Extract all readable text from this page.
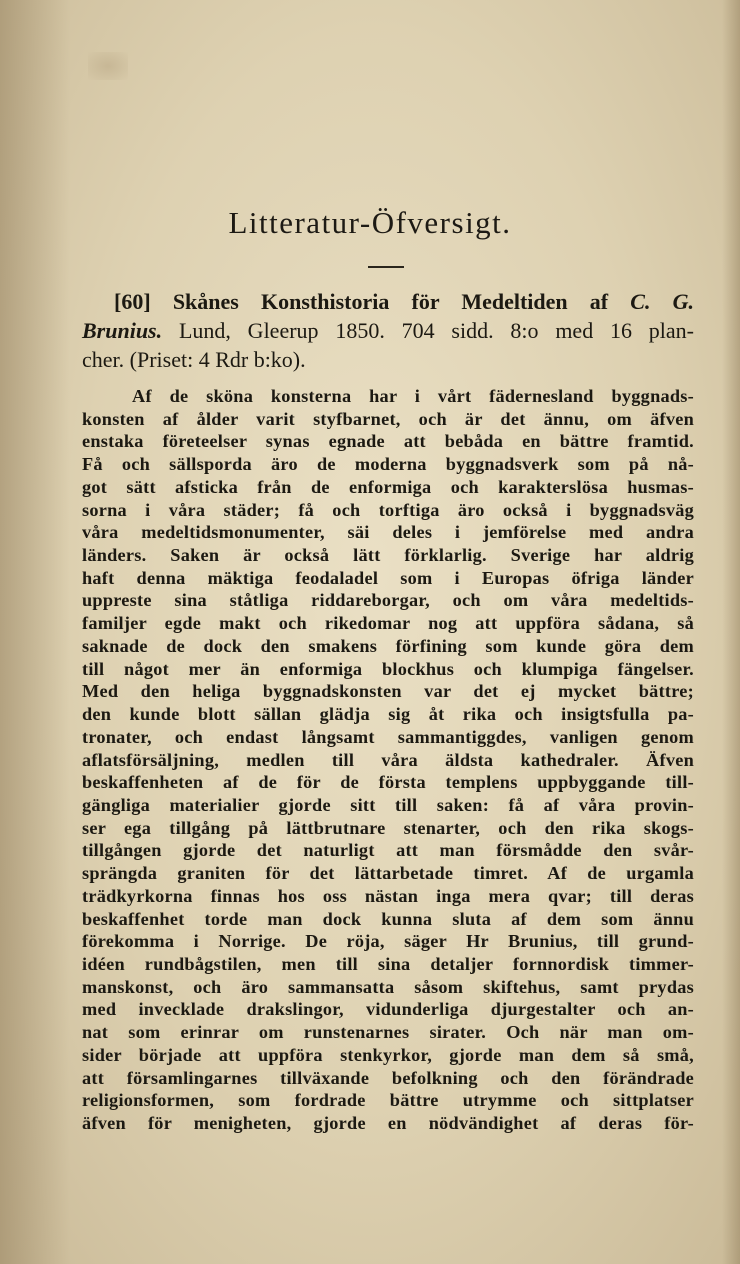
Litteratur-Öfversigt.
[60] Skånes Konsthistoria för Medeltiden af C. G.
Brunius. Lund, Gleerup 1850. 704 sidd. 8:o med 16 plan-
cher. (Priset: 4 Rdr b:ko).
Af de sköna konsterna har i vårt fädernesland byggnads-
konsten af ålder varit styfbarnet, och är det ännu, om äfven
enstaka företeelser synas egnade att bebåda en bättre framtid.
Få och sällsporda äro de moderna byggnadsverk som på nå-
got sätt afsticka från de enformiga och karakterslösa husmas-
sorna i våra städer; få och torftiga äro också i byggnadsväg
våra medeltidsmonumenter, säi deles i jemförelse med andra
länders. Saken är också lätt förklarlig. Sverige har aldrig
haft denna mäktiga feodaladel som i Europas öfriga länder
uppreste sina ståtliga riddareborgar, och om våra medeltids-
familjer egde makt och rikedomar nog att uppföra sådana, så
saknade de dock den smakens förfining som kunde göra dem
till något mer än enformiga blockhus och klumpiga fängelser.
Med den heliga byggnadskonsten var det ej mycket bättre;
den kunde blott sällan glädja sig åt rika och insigtsfulla pa-
tronater, och endast långsamt sammantiggdes, vanligen genom
aflatsförsäljning, medlen till våra äldsta kathedraler. Äfven
beskaffenheten af de för de första templens uppbyggande till-
gängliga materialier gjorde sitt till saken: få af våra provin-
ser ega tillgång på lättbrutnare stenarter, och den rika skogs-
tillgången gjorde det naturligt att man försmådde den svår-
sprängda graniten för det lättarbetade timret. Af de urgamla
trädkyrkorna finnas hos oss nästan inga mera qvar; till deras
beskaffenhet torde man dock kunna sluta af dem som ännu
förekomma i Norrige. De röja, säger Hr Brunius, till grund-
idéen rundbågstilen, men till sina detaljer fornnordisk timmer-
manskonst, och äro sammansatta såsom skiftehus, samt prydas
med invecklade drakslingor, vidunderliga djurgestalter och an-
nat som erinrar om runstenarnes sirater. Och när man om-
sider började att uppföra stenkyrkor, gjorde man dem så små,
att församlingarnes tillväxande befolkning och den förändrade
religionsformen, som fordrade bättre utrymme och sittplatser
äfven för menigheten, gjorde en nödvändighet af deras för-
